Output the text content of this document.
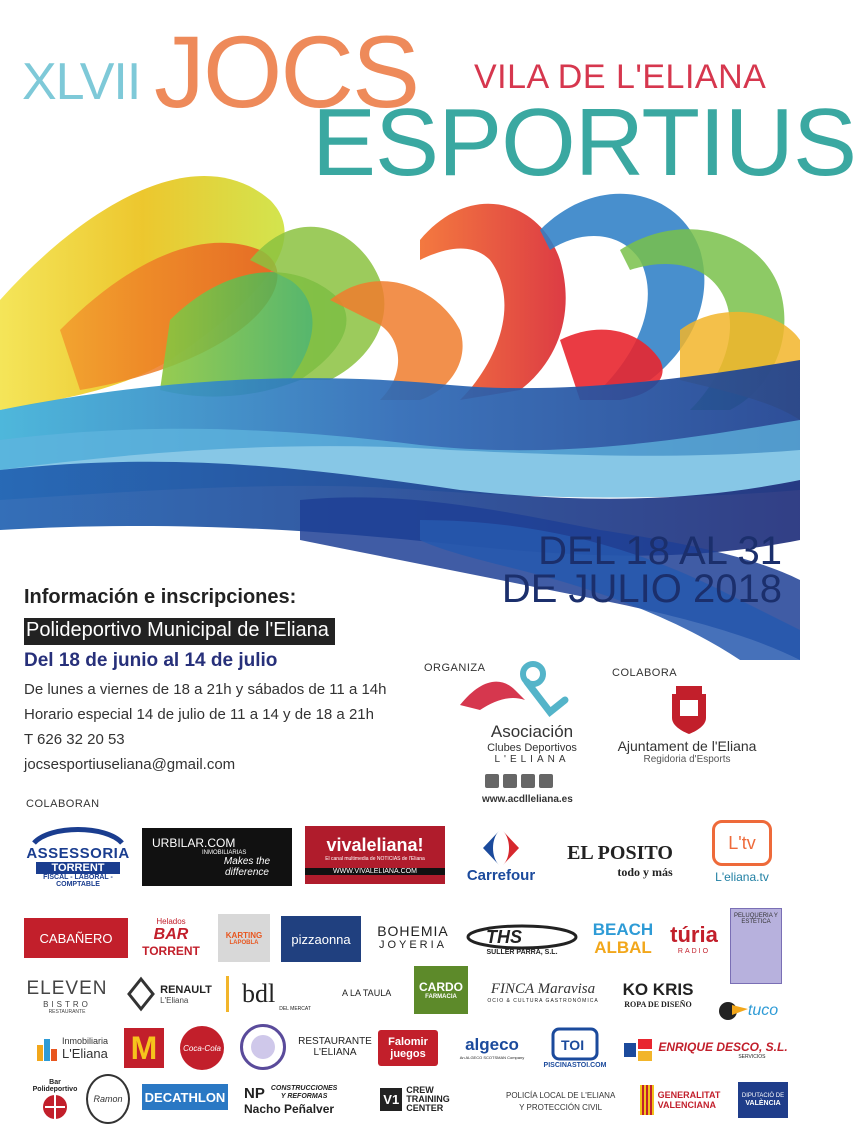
XLVII JOCS VILA DE L'ELIANA
ESPORTIUS
DEL 18 AL 31
DE JULIO 2018
Información e inscripciones:
Polideportivo Municipal de l'Eliana
Del 18 de junio al 14 de julio
De lunes a viernes de 18 a 21h y sábados de 11 a 14h
Horario especial 14 de julio de 11 a 14 y de 18 a 21h
T 626 32 20 53
jocsesportiuseliana@gmail.com
ORGANIZA
Asociación
Clubes Deportivos
L'ELIANA
www.acdlleliana.es
COLABORA
Ajuntament de l'Eliana
Regidoria d'Esports
COLABORAN
ASSESSORIA
TORRENT
FISCAL - LABORAL - COMPTABLE
URBILAR.COM
INMOBILIARIAS
Makes the difference
vivaleliana!
El canal multimedia de NOTICIAS de l'Eliana
WWW.VIVALELIANA.COM	Carrefour
EL POSITO
todo y más
L'tv
L'eliana.tv
CABAÑERO
Helados
BAR
TORRENT
KARTING
LAPOBLA	pizzaonna	BOHEMIA
JOYERIA THS
SULLER PARRA, S.L.
BEACH
ALBAL
túria
RADIO
PELUQUERIA Y ESTÉTICA
ELEVEN
BISTRO
RESTAURANTE
RENAULT
L'Eliana	bdl
DEL MERCAT
A LA TAULA CARDO
FARMACIA
FINCA Maravisa
OCIO & CULTURA GASTRONÓMICA
KO KRIS
ROPA DE DISEÑO	tuco
Inmobiliaria
L'Eliana M	Coca-Cola
RESTAURANTE
L'ELIANA
Falomir
juegos
algeco
An ALGECO SCOTSMAN Company
TOI
PISCINASTOI.COM
ENRIQUE DESCO, S.L.
SERVICIOS
Bar
Polideportivo
Ramon	DECATHLON NP CONSTRUCCIONES
Y REFORMAS
Nacho Peñalver
V1
CREW
TRAINING
CENTER
POLICÍA LOCAL DE L'ELIANA
Y PROTECCIÓN CIVIL
GENERALITAT
VALENCIANA
DIPUTACIÓ DE
VALÈNCIA
